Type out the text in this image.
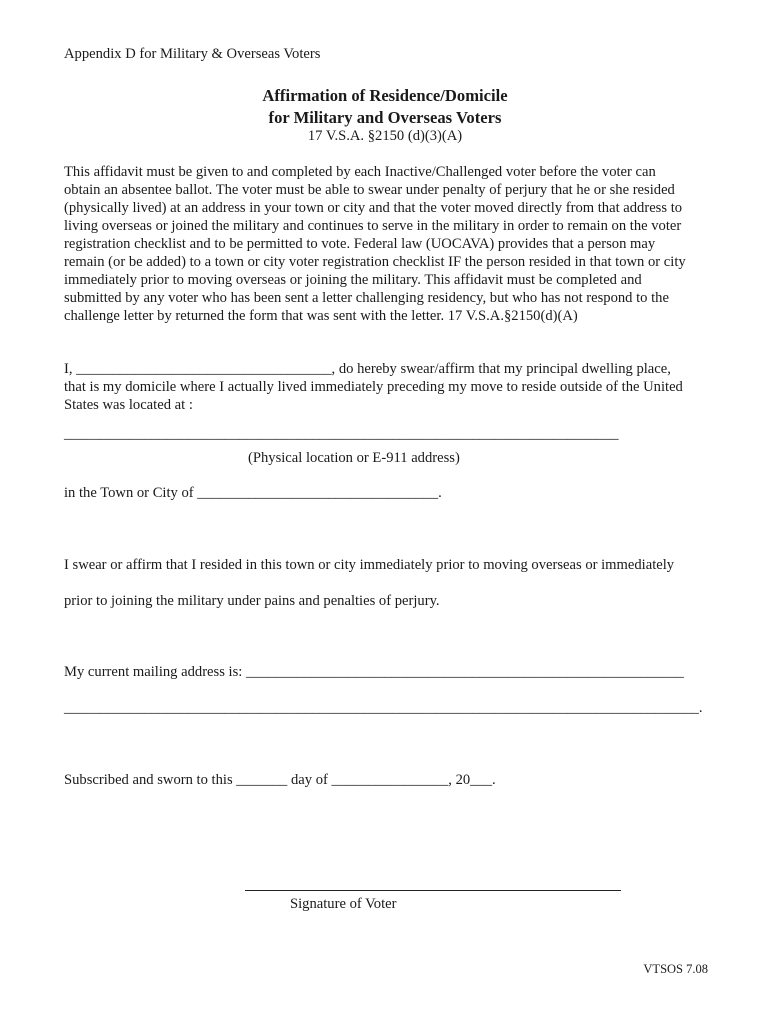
Appendix D for Military & Overseas Voters
Affirmation of Residence/Domicile
for Military and Overseas Voters
17 V.S.A. §2150 (d)(3)(A)
This affidavit must be given to and completed by each Inactive/Challenged voter before the voter can
obtain an absentee ballot. The voter must be able to swear under penalty of perjury that he or she resided
(physically lived) at an address in your town or city and that the voter moved directly from that address to
living overseas or joined the military and continues to serve in the military in order to remain on the voter
registration checklist and to be permitted to vote. Federal law (UOCAVA) provides that a person may
remain (or be added) to a town or city voter registration checklist IF the person resided in that town or city
immediately prior to moving overseas or joining the military. This affidavit must be completed and
submitted by any voter who has been sent a letter challenging residency, but who has not respond to the
challenge letter by returned the form that was sent with the letter. 17 V.S.A.§2150(d)(A)
I, ___________________________________, do hereby swear/affirm that my principal dwelling place,
that is my domicile where I actually lived immediately preceding my move to reside outside of the United
States was located at :
____________________________________________________________________________
(Physical location or E-911 address)
in the Town or City of _________________________________.
I swear or affirm that I resided in this town or city immediately prior to moving overseas or immediately
prior to joining the military under pains and penalties of perjury.
My current mailing address is: ____________________________________________________________
_______________________________________________________________________________________.
Subscribed and sworn to this _______ day of ________________, 20___.
Signature of Voter
VTSOS 7.08
